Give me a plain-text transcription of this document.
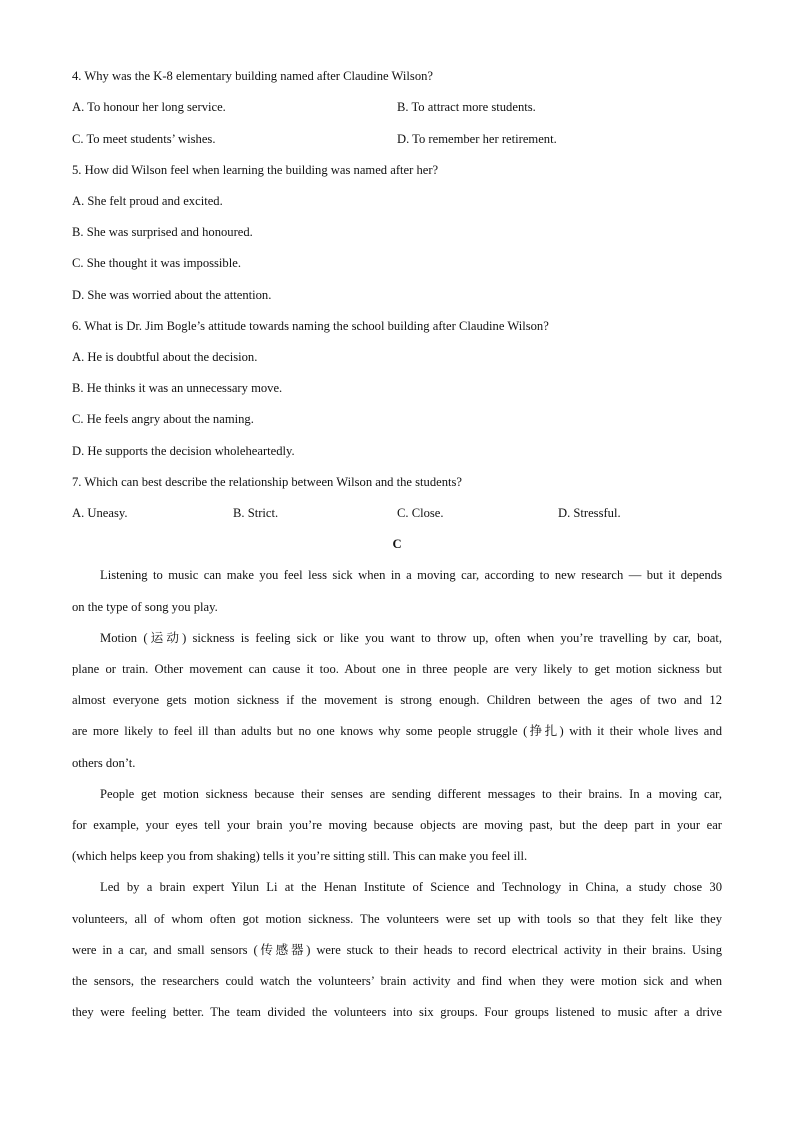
4. Why was the K-8 elementary building named after Claudine Wilson?
A. To honour her long service.	B. To attract more students.
C. To meet students’ wishes.	D. To remember her retirement.
5. How did Wilson feel when learning the building was named after her?
A. She felt proud and excited.
B. She was surprised and honoured.
C. She thought it was impossible.
D. She was worried about the attention.
6. What is Dr. Jim Bogle’s attitude towards naming the school building after Claudine Wilson?
A. He is doubtful about the decision.
B. He thinks it was an unnecessary move.
C. He feels angry about the naming.
D. He supports the decision wholeheartedly.
7. Which can best describe the relationship between Wilson and the students?
A. Uneasy.	B. Strict.	C. Close.	D. Stressful.
C
Listening to music can make you feel less sick when in a moving car, according to new research — but it depends
on the type of song you play.
Motion (运动) sickness is feeling sick or like you want to throw up, often when you’re travelling by car, boat,
plane or train. Other movement can cause it too. About one in three people are very likely to get motion sickness but
almost everyone gets motion sickness if the movement is strong enough. Children between the ages of two and 12
are more likely to feel ill than adults but no one knows why some people struggle (挣扎) with it their whole lives and
others don’t.
People get motion sickness because their senses are sending different messages to their brains. In a moving car,
for example, your eyes tell your brain you’re moving because objects are moving past, but the deep part in your ear
(which helps keep you from shaking) tells it you’re sitting still. This can make you feel ill.
Led by a brain expert Yilun Li at the Henan Institute of Science and Technology in China, a study chose 30
volunteers, all of whom often got motion sickness. The volunteers were set up with tools so that they felt like they
were in a car, and small sensors (传感器) were stuck to their heads to record electrical activity in their brains. Using
the sensors, the researchers could watch the volunteers’ brain activity and find when they were motion sick and when
they were feeling better. The team divided the volunteers into six groups. Four groups listened to music after a drive
